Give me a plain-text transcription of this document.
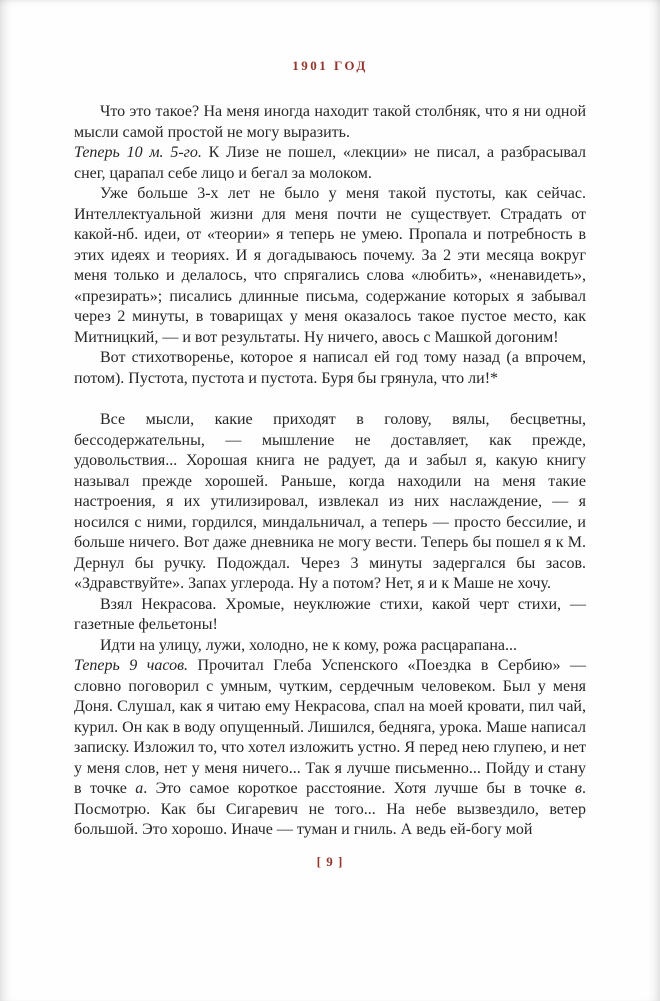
1901 ГОД

Что это такое? На меня иногда находит такой столбняк, что я ни одной мысли самой простой не могу выразить.

Теперь 10 м. 5-го. К Лизе не пошел, «лекции» не писал, а разбрасывал снег, царапал себе лицо и бегал за молоком.

Уже больше 3-х лет не было у меня такой пустоты, как сейчас. Интеллектуальной жизни для меня почти не существует. Страдать от какой-нб. идеи, от «теории» я теперь не умею. Пропала и потребность в этих идеях и теориях. И я догадываюсь почему. За 2 эти месяца вокруг меня только и делалось, что спрягались слова «любить», «ненавидеть», «презирать»; писались длинные письма, содержание которых я забывал через 2 минуты, в товарищах у меня оказалось такое пустое место, как Митницкий, — и вот результаты. Ну ничего, авось с Машкой догоним!

Вот стихотворенье, которое я написал ей год тому назад (а впрочем, потом). Пустота, пустота и пустота. Буря бы грянула, что ли!*

Все мысли, какие приходят в голову, вялы, бесцветны, бессодержательны, — мышление не доставляет, как прежде, удовольствия... Хорошая книга не радует, да и забыл я, какую книгу называл прежде хорошей. Раньше, когда находили на меня такие настроения, я их утилизировал, извлекал из них наслаждение, — я носился с ними, гордился, миндальничал, а теперь — просто бессилие, и больше ничего. Вот даже дневника не могу вести. Теперь бы пошел я к М. Дернул бы ручку. Подождал. Через 3 минуты задергался бы засов. «Здравствуйте». Запах углерода. Ну а потом? Нет, я и к Маше не хочу.

Взял Некрасова. Хромые, неуклюжие стихи, какой черт стихи, — газетные фельетоны!

Идти на улицу, лужи, холодно, не к кому, рожа расцарапана...

Теперь 9 часов. Прочитал Глеба Успенского «Поездка в Сербию» — словно поговорил с умным, чутким, сердечным человеком. Был у меня Доня. Слушал, как я читаю ему Некрасова, спал на моей кровати, пил чай, курил. Он как в воду опущенный. Лишился, бедняга, урока. Маше написал записку. Изложил то, что хотел изложить устно. Я перед нею глупею, и нет у меня слов, нет у меня ничего... Так я лучше письменно... Пойду и стану в точке а. Это самое короткое расстояние. Хотя лучше бы в точке в. Посмотрю. Как бы Сигаревич не того... На небе вызвездило, ветер большой. Это хорошо. Иначе — туман и гниль. А ведь ей-богу мой

[ 9 ]
